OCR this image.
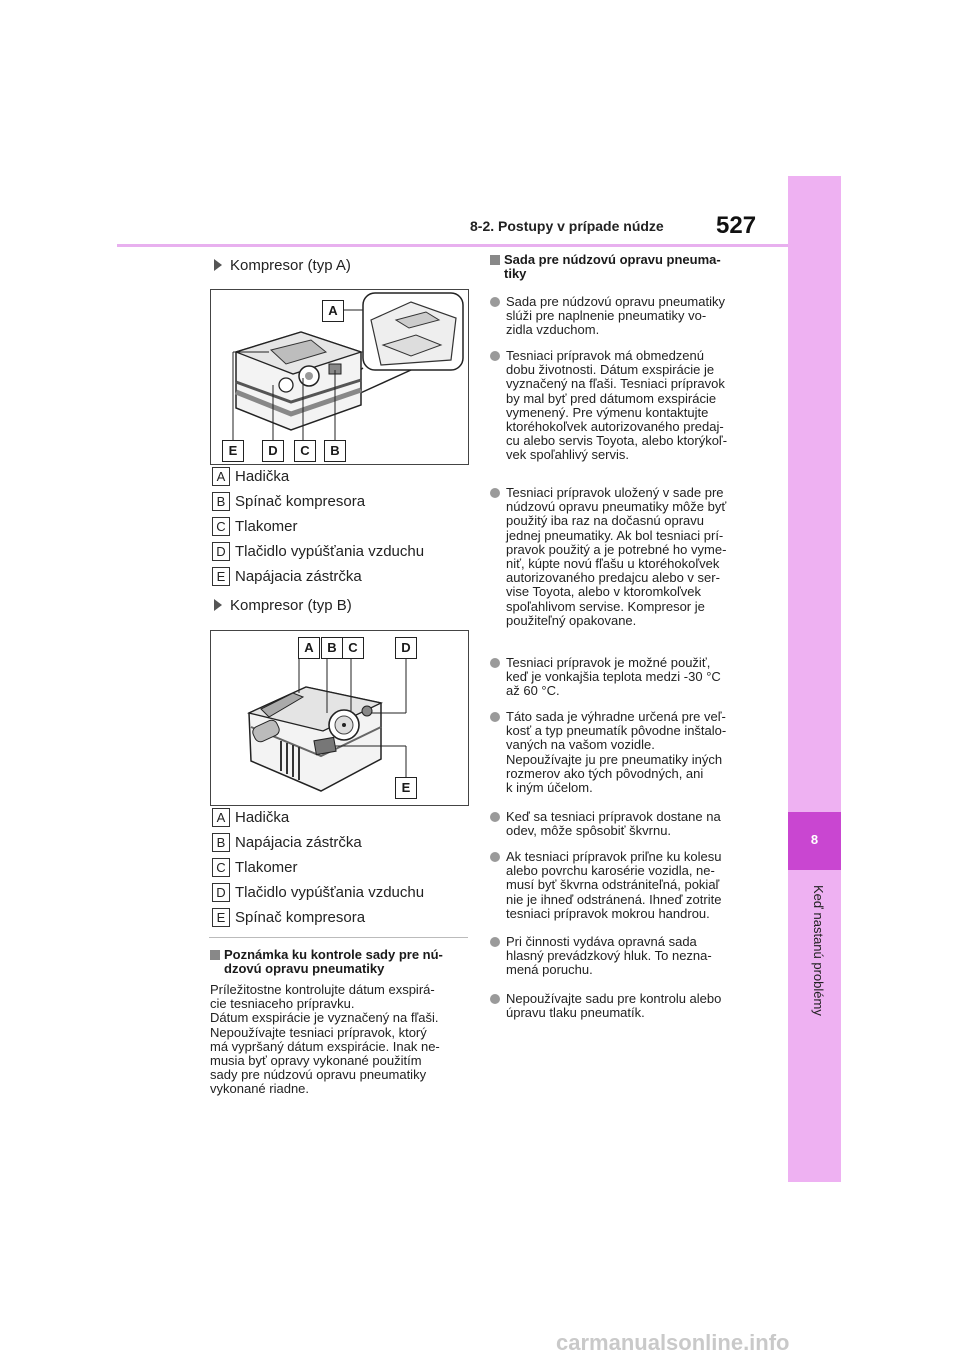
8-2. Postupy v prípade núdze 527
8
Keď nastanú problémy
Kompresor (typ A)
A
E	D	C	B
A Hadička
B Spínač kompresora
C Tlakomer
D Tlačidlo vypúšťania vzduchu
E Napájacia zástrčka
Kompresor (typ B)
A	B C	D
E
A Hadička
B Napájacia zástrčka
C Tlakomer
D Tlačidlo vypúšťania vzduchu
E Spínač kompresora
Poznámka ku kontrole sady pre nú-
dzovú opravu pneumatiky
Príležitostne kontrolujte dátum exspirá-
cie tesniaceho prípravku.
Dátum exspirácie je vyznačený na fľaši.
Nepoužívajte tesniaci prípravok, ktorý
má vypršaný dátum exspirácie. Inak ne-
musia byť opravy vykonané použitím
sady pre núdzovú opravu pneumatiky
vykonané riadne.
Sada pre núdzovú opravu pneuma-
tiky
Sada pre núdzovú opravu pneumatiky
slúži pre naplnenie pneumatiky vo-
zidla vzduchom.
Tesniaci prípravok má obmedzenú
dobu životnosti. Dátum exspirácie je
vyznačený na fľaši. Tesniaci prípravok
by mal byť pred dátumom exspirácie
vymenený. Pre výmenu kontaktujte
ktoréhokoľvek autorizovaného predaj-
cu alebo servis Toyota, alebo ktorýkoľ-
vek spoľahlivý servis.
Tesniaci prípravok uložený v sade pre
núdzovú opravu pneumatiky môže byť
použitý iba raz na dočasnú opravu
jednej pneumatiky. Ak bol tesniaci prí-
pravok použitý a je potrebné ho vyme-
niť, kúpte novú fľašu u ktoréhokoľvek
autorizovaného predajcu alebo v ser-
vise Toyota, alebo v ktoromkoľvek
spoľahlivom servise. Kompresor je
použiteľný opakovane.
Tesniaci prípravok je možné použiť,
keď je vonkajšia teplota medzi -30 °C
až 60 °C.
Táto sada je výhradne určená pre veľ-
kosť a typ pneumatík pôvodne inštalo-
vaných na vašom vozidle.
Nepoužívajte ju pre pneumatiky iných
rozmerov ako tých pôvodných, ani
k iným účelom.
Keď sa tesniaci prípravok dostane na
odev, môže spôsobiť škvrnu.
Ak tesniaci prípravok priľne ku kolesu
alebo povrchu karosérie vozidla, ne-
musí byť škvrna odstrániteľná, pokiaľ
nie je ihneď odstránená. Ihneď zotrite
tesniaci prípravok mokrou handrou.
Pri činnosti vydáva opravná sada
hlasný prevádzkový hluk. To nezna-
mená poruchu.
Nepoužívajte sadu pre kontrolu alebo
úpravu tlaku pneumatík.
carmanualsonline.info
